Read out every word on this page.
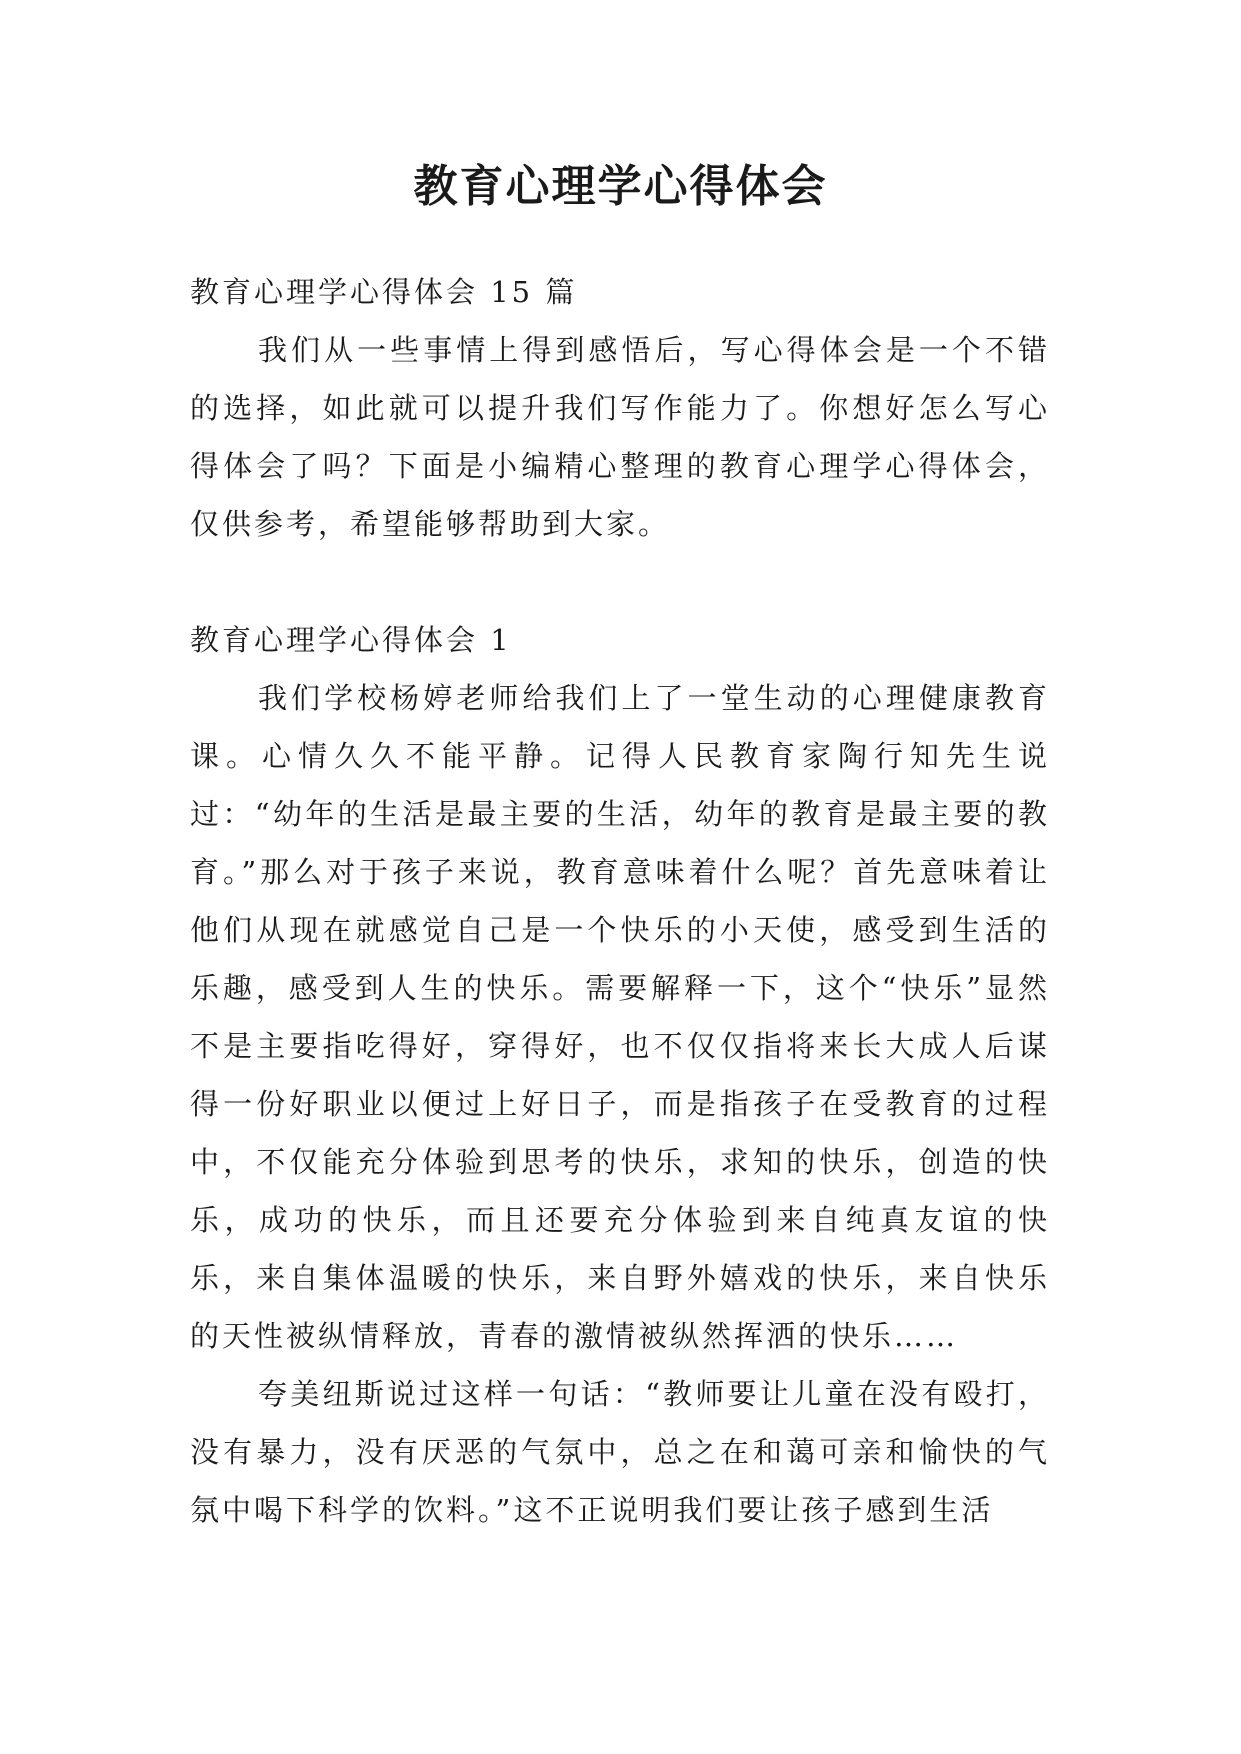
教育心理学心得体会

教育心理学心得体会 15 篇

我们从一些事情上得到感悟后，写心得体会是一个不错的选择，如此就可以提升我们写作能力了。你想好怎么写心得体会了吗？下面是小编精心整理的教育心理学心得体会，仅供参考，希望能够帮助到大家。

教育心理学心得体会 1

我们学校杨婷老师给我们上了一堂生动的心理健康教育课。心情久久不能平静。记得人民教育家陶行知先生说过：“幼年的生活是最主要的生活，幼年的教育是最主要的教育。”那么对于孩子来说，教育意味着什么呢？首先意味着让他们从现在就感觉自己是一个快乐的小天使，感受到生活的乐趣，感受到人生的快乐。需要解释一下，这个“快乐”显然不是主要指吃得好，穿得好，也不仅仅指将来长大成人后谋得一份好职业以便过上好日子，而是指孩子在受教育的过程中，不仅能充分体验到思考的快乐，求知的快乐，创造的快乐，成功的快乐，而且还要充分体验到来自纯真友谊的快乐，来自集体温暖的快乐，来自野外嬉戏的快乐，来自快乐的天性被纵情释放，青春的激情被纵然挥洒的快乐……

夸美纽斯说过这样一句话：“教师要让儿童在没有殴打，没有暴力，没有厌恶的气氛中，总之在和蔼可亲和愉快的气氛中喝下科学的饮料。”这不正说明我们要让孩子感到生活
